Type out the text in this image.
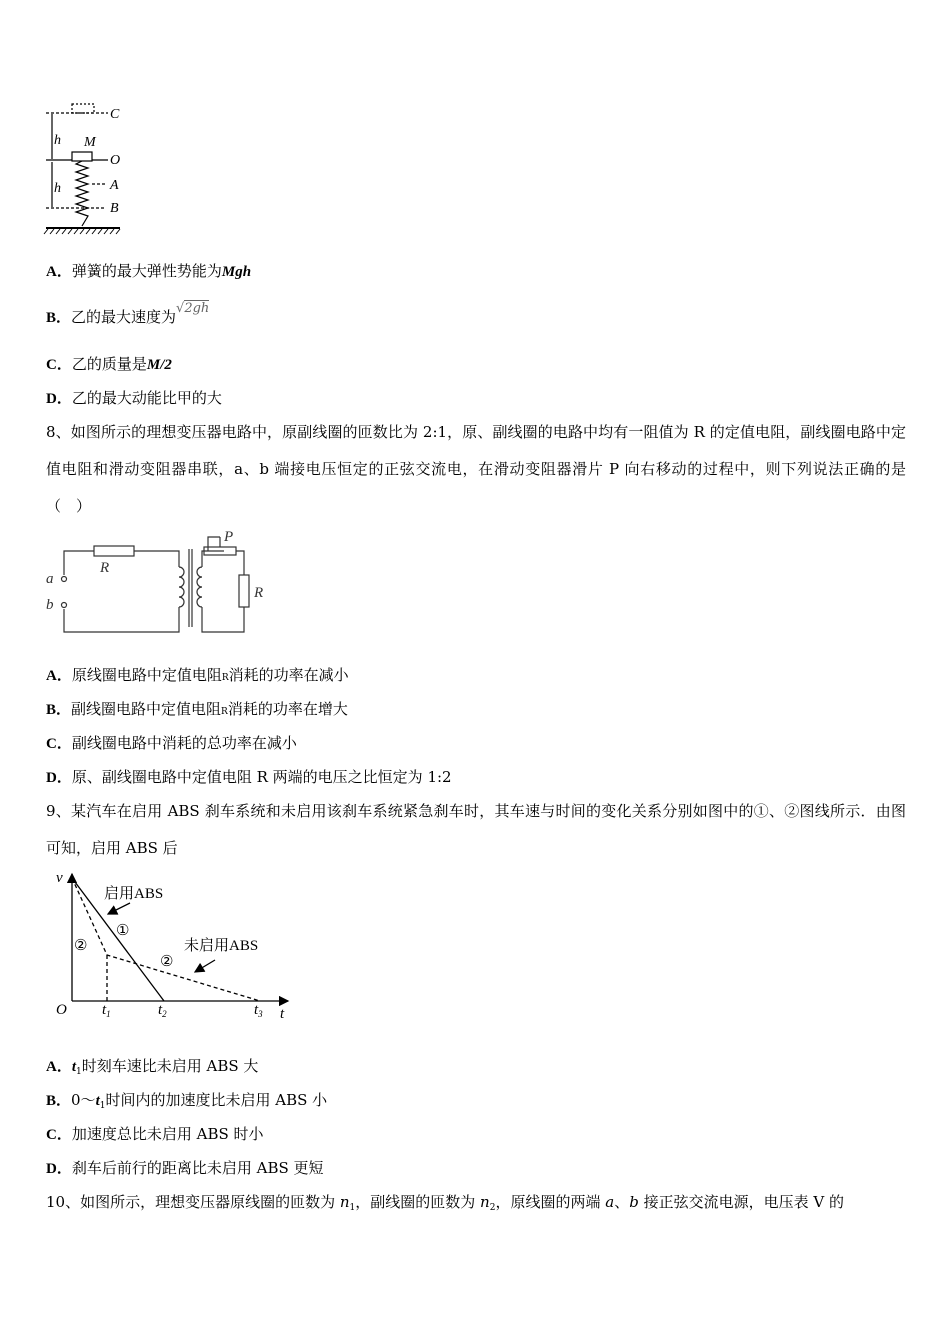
C
O
A
B
M
h
h
A．弹簧的最大弹性势能为Mgh
B．乙的最大速度为√2gh
C．乙的质量是M/2
D．乙的最大动能比甲的大
8、如图所示的理想变压器电路中，原副线圈的匝数比为 2:1，原、副线圈的电路中均有一阻值为 R 的定值电阻，副线圈电路中定值电阻和滑动变阻器串联，a、b 端接电压恒定的正弦交流电，在滑动变阻器滑片 P 向右移动的过程中，则下列说法正确的是（　）
R
R
P
a
b
A．原线圈电路中定值电阻R消耗的功率在减小
B．副线圈电路中定值电阻R消耗的功率在增大
C．副线圈电路中消耗的总功率在减小
D．原、副线圈电路中定值电阻 R 两端的电压之比恒定为 1:2
9、某汽车在启用 ABS 刹车系统和未启用该刹车系统紧急刹车时，其车速与时间的变化关系分别如图中的①、②图线所示．由图可知，启用 ABS 后
v
t
O $t_1$	$t_2$	$t_3$
启用ABS
未启用ABS
①
②
②
A．$t_1$时刻车速比未启用 ABS 大
B．$0\sim t_1$时间内的加速度比未启用 ABS 小
C．加速度总比未启用 ABS 时小
D．刹车后前行的距离比未启用 ABS 更短
10、如图所示，理想变压器原线圈的匝数为 $n_1$，副线圈的匝数为 $n_2$，原线圈的两端 a、b 接正弦交流电源，电压表 V 的
